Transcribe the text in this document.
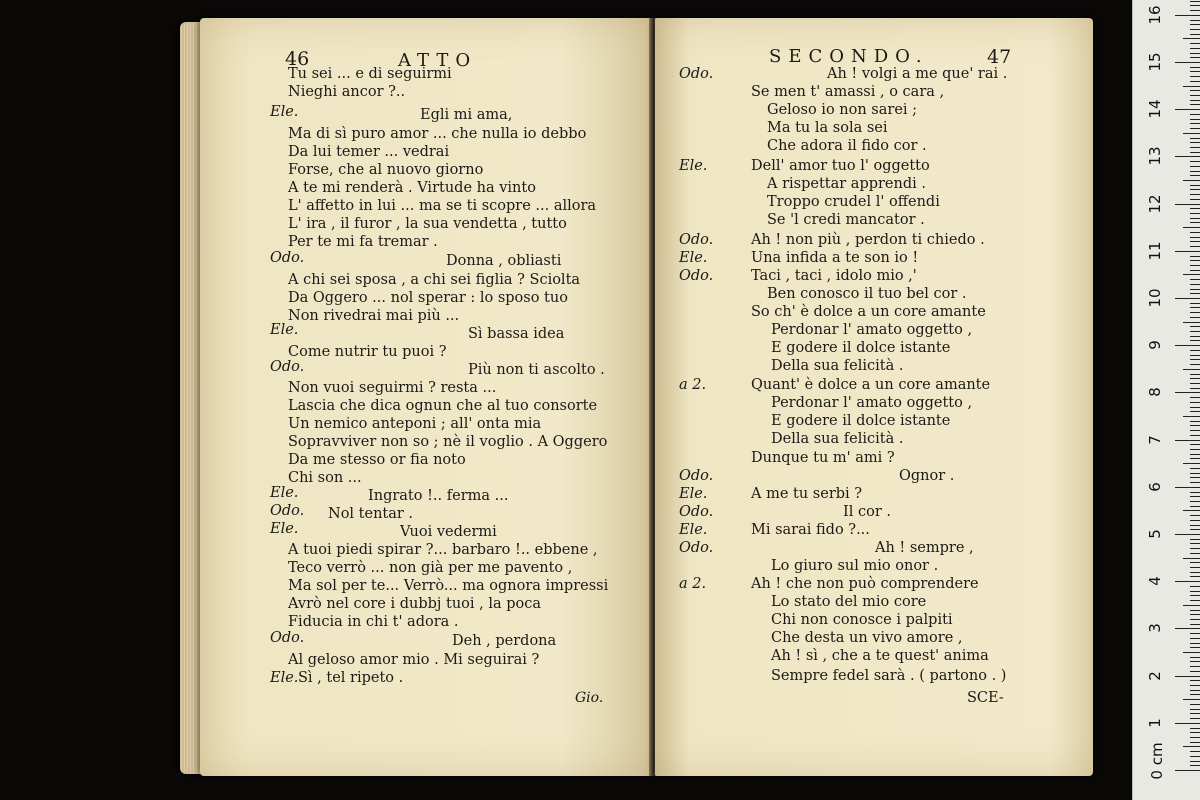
46	ATTO
Tu sei ... e di seguirmi
Nieghi ancor ?..
Egli mi ama,
Ma di sì puro amor ... che nulla io debbo
Da lui temer ... vedrai
Forse, che al nuovo giorno
A te mi renderà . Virtude ha vinto
L' affetto in lui ... ma se ti scopre ... allora
L' ira , il furor , la sua vendetta , tutto
Per te mi fa tremar .
Donna , obliasti
A chi sei sposa , a chi sei figlia ? Sciolta
Da Oggero ... nol sperar : lo sposo tuo
Non rivedrai mai più ...
Sì bassa idea
Come nutrir tu puoi ?
Più non ti ascolto .
Non vuoi seguirmi ? resta ...
Lascia che dica ognun che al tuo consorte
Un nemico anteponi ; all' onta mia
Sopravviver non so ; nè il voglio . A Oggero
Da me stesso or fia noto
Chi son ...
Ingrato !.. ferma ...
Nol tentar .
Vuoi vedermi
A tuoi piedi spirar ?... barbaro !.. ebbene ,
Teco verrò ... non già per me pavento ,
Ma sol per te... Verrò... ma ognora impressi
Avrò nel core i dubbj tuoi , la poca
Fiducia in chi t' adora .
Deh , perdona
Al geloso amor mio . Mi seguirai ?
Sì , tel ripeto .
Ele.
Odo.
Ele.
Odo.
Ele.
Odo.
Ele.
Odo.
Ele.
Gio.
SECONDO.	47
Ah ! volgi a me que' rai .
Se men t' amassi , o cara ,
Geloso io non sarei ;
Ma tu la sola sei
Che adora il fido cor .
Dell' amor tuo l' oggetto
A rispettar apprendi .
Troppo crudel l' offendi
Se 'l credi mancator .
Ah ! non più , perdon ti chiedo .
Una infida a te son io !
Taci , taci , idolo mio ,'
Ben conosco il tuo bel cor .
So ch' è dolce a un core amante
Perdonar l' amato oggetto ,
E godere il dolce istante
Della sua felicità .
Quant' è dolce a un core amante
Perdonar l' amato oggetto ,
E godere il dolce istante
Della sua felicità .
Dunque tu m' ami ?
Ognor .
A me tu serbi ?
Il cor .
Mi sarai fido ?...
Ah ! sempre ,
Lo giuro sul mio onor .
Ah ! che non può comprendere
Lo stato del mio core
Chi non conosce i palpiti
Che desta un vivo amore ,
Ah ! sì , che a te quest' anima
Sempre fedel sarà . ( partono . )
SCE-
Odo.
Ele.
Odo.
Ele.
Odo.
a 2.
Odo.
Ele.
Odo.
Ele.
Odo.
a 2.
0 cm
1
2
3
4
5
6
7
8
9
10
11
12
13
14
15
16
